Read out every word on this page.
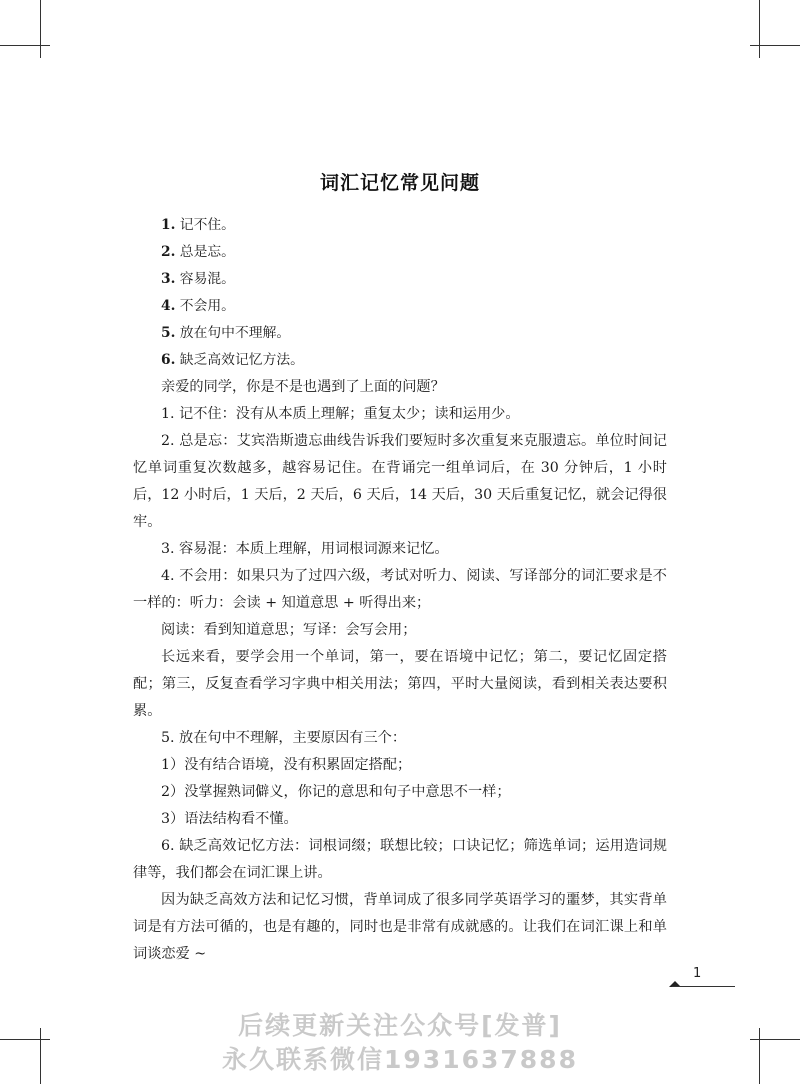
词汇记忆常见问题

1. 记不住。

2. 总是忘。

3. 容易混。

4. 不会用。

5. 放在句中不理解。

6. 缺乏高效记忆方法。

亲爱的同学，你是不是也遇到了上面的问题？

1. 记不住：没有从本质上理解；重复太少；读和运用少。

2. 总是忘：艾宾浩斯遗忘曲线告诉我们要短时多次重复来克服遗忘。单位时间记忆单词重复次数越多，越容易记住。在背诵完一组单词后，在 30 分钟后，1 小时后，12 小时后，1 天后，2 天后，6 天后，14 天后，30 天后重复记忆，就会记得很牢。

3. 容易混：本质上理解，用词根词源来记忆。

4. 不会用：如果只为了过四六级，考试对听力、阅读、写译部分的词汇要求是不一样的：听力：会读 + 知道意思 + 听得出来；

阅读：看到知道意思；写译：会写会用；

长远来看，要学会用一个单词，第一，要在语境中记忆；第二，要记忆固定搭配；第三，反复查看学习字典中相关用法；第四，平时大量阅读，看到相关表达要积累。

5. 放在句中不理解，主要原因有三个：

1）没有结合语境，没有积累固定搭配；

2）没掌握熟词僻义，你记的意思和句子中意思不一样；

3）语法结构看不懂。

6. 缺乏高效记忆方法：词根词缀；联想比较；口诀记忆；筛选单词；运用造词规律等，我们都会在词汇课上讲。

因为缺乏高效方法和记忆习惯，背单词成了很多同学英语学习的噩梦，其实背单词是有方法可循的，也是有趣的，同时也是非常有成就感的。让我们在词汇课上和单词谈恋爱 ~

1
后续更新关注公众号[发普]
永久联系微信1931637888
